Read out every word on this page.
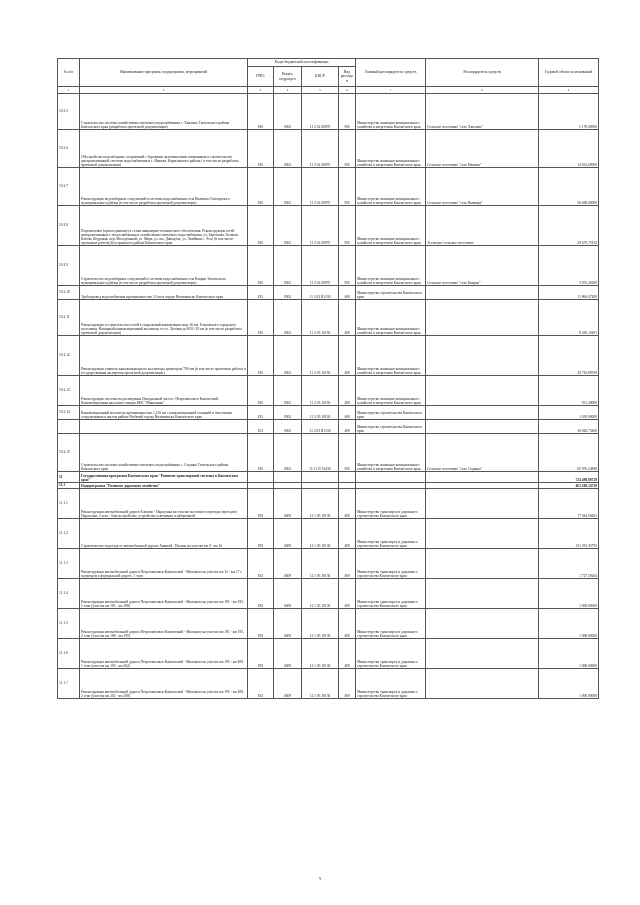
№ п/п	Наименование программ, подпрограмм, мероприятий	Коды бюджетной классификации				Главный распорядитель средств	Распорядитель средств	Годовой объем ассигнований
		ГРБС	Раздел, подраздел	КЦСР	Вид расходов			
1	2	3	4	5	6	7	8	9
10.2.5	Строительство системы хозяйственно-питьевого водоснабжения с. Хаилино Тигильского района Камчатского края (разработка проектной документации)	810	0502	11 2 02 40070	500	Министерство жилищно-коммунального хозяйства и энергетики Камчатского края	Сельское поселение "село Хаилино"	5 178,00000
10.2.6	Обустройство водозаборных сооружений с буровыми артезианскими скважинами и строительство централизованной системы водоснабжения в с. Ивашка, Карагинского района ( в том числе разработка проектной документации)	810	0502	11 2 02 40070	500	Министерство жилищно-коммунального хозяйства и энергетики Камчатского края	Сельское поселение "село Ивашка"	14 632,00000
10.2.7	Реконструкция водозаборных сооружений и системы водоснабжения села Вывенка Олюторского муниципального района (в том числе разработка проектной документации)	810	0502	11 2 02 40070	500	Министерство жилищно-коммунального хозяйства и энергетики Камчатского края	Сельское поселение "село Вывенка"	56 668,00000
10.2.8	Подключение (присоединение) к сетям инженерно-технического обеспечения. Реконструкция сетей централизованного теплоснабжения и хозяйственно-питьевого водоснабжения, ул. Березовая, Зеленая, Ключи, Кедровая, пер. Молодежный, ул. Мира, ул. им. Давыдова, ул. Лазейная с. Эссо (в том числе проектные работы) Быстринского района Камчатского края	810	0502	11 2 02 40070	500	Министерство жилищно-коммунального хозяйства и энергетики Камчатского края	Эссовское сельское поселение	29 679,75152
10.2.9	Строительство водозаборных сооружений и системы водоснабжения села Ковран Тигильского муниципального района (в том числе разработка проектной документации)	810	0502	11 2 02 40070	500	Министерство жилищно-коммунального хозяйства и энергетики Камчатского края	Сельское поселение "село Ковран"	3 591,36200
10.2.10	Трубопровод водоснабжения протяженностью 12 км в городе Вилючинске Камчатского края	812	0502	11 2 02 R1130	400	Министерство строительства Камчатского края		11 966,07400
10.2.11	Реконструкция и строительство сетей в сооружений канализации мкр. 26 км. Елизовского городского поселения. Напорный канализационный коллектор от ул. Луговая до КОС-29 км (в том числе разработка проектной документации)	810	0502	11 2 03 10130	400	Министерство жилищно-коммунального хозяйства и энергетики Камчатского края		8 283,10491
10.2.12	Реконструкция главного канализационного коллектора диаметром 700 мм (в том числе проектные работы и государственная экспертиза проектной документации)	810	0502	11 2 03 10130	400	Министерство жилищно-коммунального хозяйства и энергетики Камчатского края		20 716,89359
10.2.13	Реконструкция системы водоотведения Центральной части г. Петропавловск-Камчатский. Канализационная насосная станция КНС "Мишенная"	810	0502	11 2 03 10130	400	Министерство жилищно-коммунального хозяйства и энергетики Камчатского края		931,38000
10.2.14	Канализационный коллектор протяженностью 1,218 км с канализационной станцией и очистными сооружениями в жилом районе Рыбачий города Вилючинска Камчатского края	812	0502	11 2 03 10130	400	Министерство строительства Камчатского края		1 450,00000
		812	0502	11 2 03 R1130	400	Министерство строительства Камчатского края		16 020,73400
10.2.15	Строительство системы хозяйственно-питьевого водоснабжения с. Седанка Тигильского района Камчатского края	810	0502	11 2 G5 52430	500	Министерство жилищно-коммунального хозяйства и энергетики Камчатского края	Сельское поселение "село Седанка"	65 976,24848
11	Государственная программа Камчатского края "Развитие транспортной системы в Камчатском крае"							724 498,89729
11.1	Подпрограмма "Развитие дорожного хозяйства"							463 208,14729
11.1.1	Реконструкция автомобильной дороги Елизово - Паратунка на участке мостового перехода через реку Паратунка, 2 этап - благоустройство, устройство освещения и набережной	833	0409	12 1 03 10130	400	Министерство транспорта и дорожного строительства Камчатского края		17 944,56661
11.1.2	Строительство подъезда от автомобильной дороги Анавгай - Палана на участке км 0 - км 16	833	0409	12 1 03 10130	400	Министерство транспорта и дорожного строительства Камчатского края		131 291,35793
11.1.3	Реконструкция автомобильной дороги Петропавловск-Камчатский - Мильково на участке км 12 - км 17 с подъездом к федеральной дороге, 1 этап	833	0409	12 1 03 10130	400	Министерство транспорта и дорожного строительства Камчатского края		1 727,59264
11.1.4	Реконструкция автомобильной дороги Петропавловск-Камчатский - Мильково на участке км 181 - км 195, 1 этап (участок км 181 - км 188)	833	0409	12 1 03 10130	400	Министерство транспорта и дорожного строительства Камчатского края		1 000,00000
11.1.5	Реконструкция автомобильной дороги Петропавловск-Камчатский - Мильково на участке км 181 - км 195, 2 этап (участок км 188 - км 195)	833	0409	12 1 03 10130	400	Министерство транспорта и дорожного строительства Камчатского края		1 000,00000
11.1.6	Реконструкция автомобильной дороги Петропавловск-Камчатский - Мильково на участке км 195 - км 208, 1 этап (участок км 195 - км 202)	833	0409	12 1 03 10130	400	Министерство транспорта и дорожного строительства Камчатского края		1 000,00000
11.1.7	Реконструкция автомобильной дороги Петропавловск-Камчатский - Мильково на участке км 195 - км 208, 2 этап (участок км 202 - км 208)	833	0409	12 1 03 10130	400	Министерство транспорта и дорожного строительства Камчатского края		1 000,00000
9
